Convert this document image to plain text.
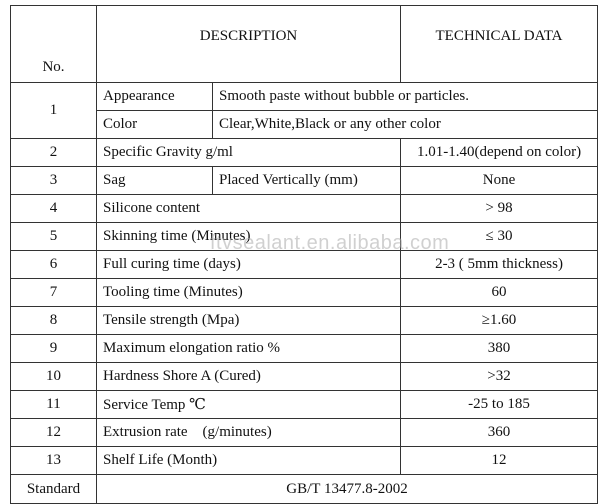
No.	DESCRIPTION		TECHNICAL DATA
1	Appearance	Smooth paste without bubble or particles.	
	Color	Clear,White,Black or any other color	
2	Specific Gravity g/ml		1.01-1.40(depend on color)
3	Sag	Placed Vertically (mm)	None
4	Silicone content		> 98
5	Skinning time (Minutes)		≤ 30
6	Full curing time (days)		2-3 ( 5mm thickness)
7	Tooling time (Minutes)		60
8	Tensile strength (Mpa)		≥1.60
9	Maximum elongation ratio %		380
10	Hardness Shore A (Cured)		>32
11	Service Temp ℃		-25 to 185
12	Extrusion rate    (g/minutes)		360
13	Shelf Life (Month)		12
Standard	GB/T 13477.8-2002		
ftvsealant.en.alibaba.com
